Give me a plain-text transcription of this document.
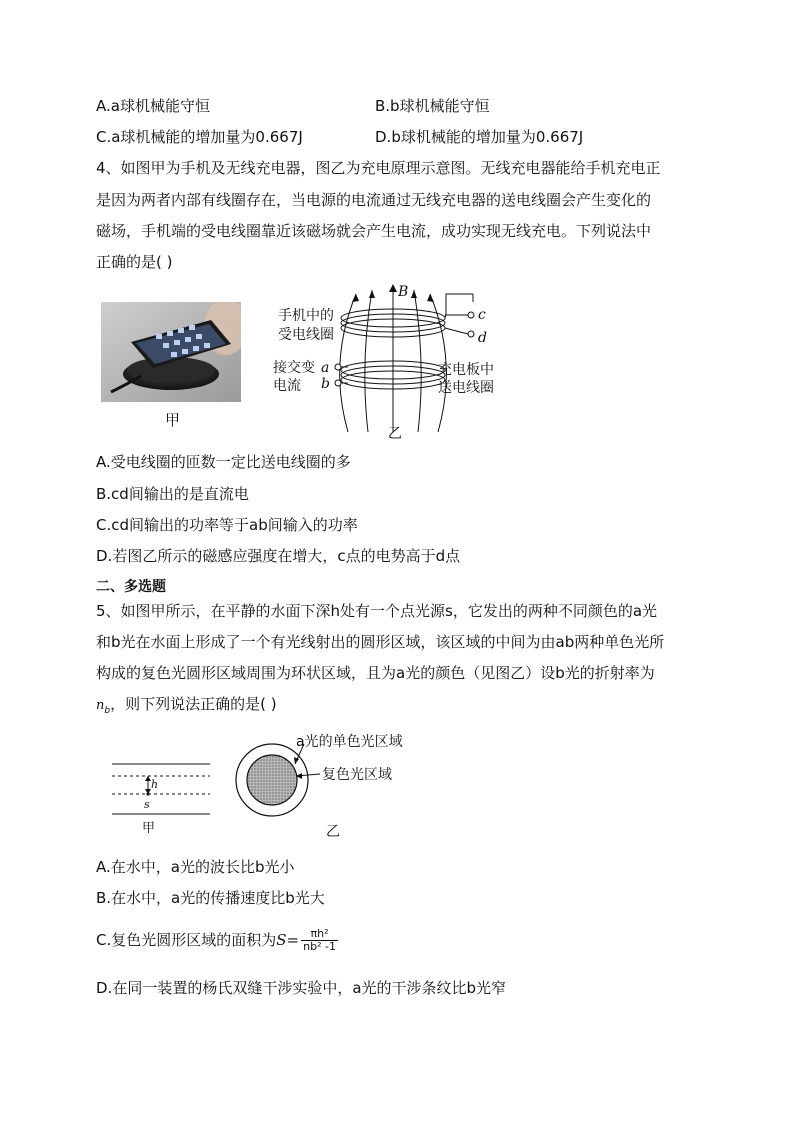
A.a球机械能守恒	B.b球机械能守恒
C.a球机械能的增加量为0.667J	D.b球机械能的增加量为0.667J
4、如图甲为手机及无线充电器，图乙为充电原理示意图。无线充电器能给手机充电正
是因为两者内部有线圈存在，当电源的电流通过无线充电器的送电线圈会产生变化的
磁场，手机端的受电线圈靠近该磁场就会产生电流，成功实现无线充电。下列说法中
正确的是( )
甲
B
c
d
a
b
手机中的
受电线圈
接交变
电流
充电板中
送电线圈
乙
A.受电线圈的匝数一定比送电线圈的多
B.cd间输出的是直流电
C.cd间输出的功率等于ab间输入的功率
D.若图乙所示的磁感应强度在增大，c点的电势高于d点
二、多选题
5、如图甲所示，在平静的水面下深h处有一个点光源s，它发出的两种不同颜色的a光
和b光在水面上形成了一个有光线射出的圆形区域，该区域的中间为由ab两种单色光所
构成的复色光圆形区域周围为环状区域，且为a光的颜色（见图乙）设b光的折射率为
$n_b$，则下列说法正确的是( )
h
s
甲
a光的单色光区域
复色光区域
乙
A.在水中，a光的波长比b光小
B.在水中，a光的传播速度比b光大
C.复色光圆形区域的面积为$S= \frac{\text{πh²}}{\text{nb² -1}}$
D.在同一装置的杨氏双缝干涉实验中，a光的干涉条纹比b光窄
